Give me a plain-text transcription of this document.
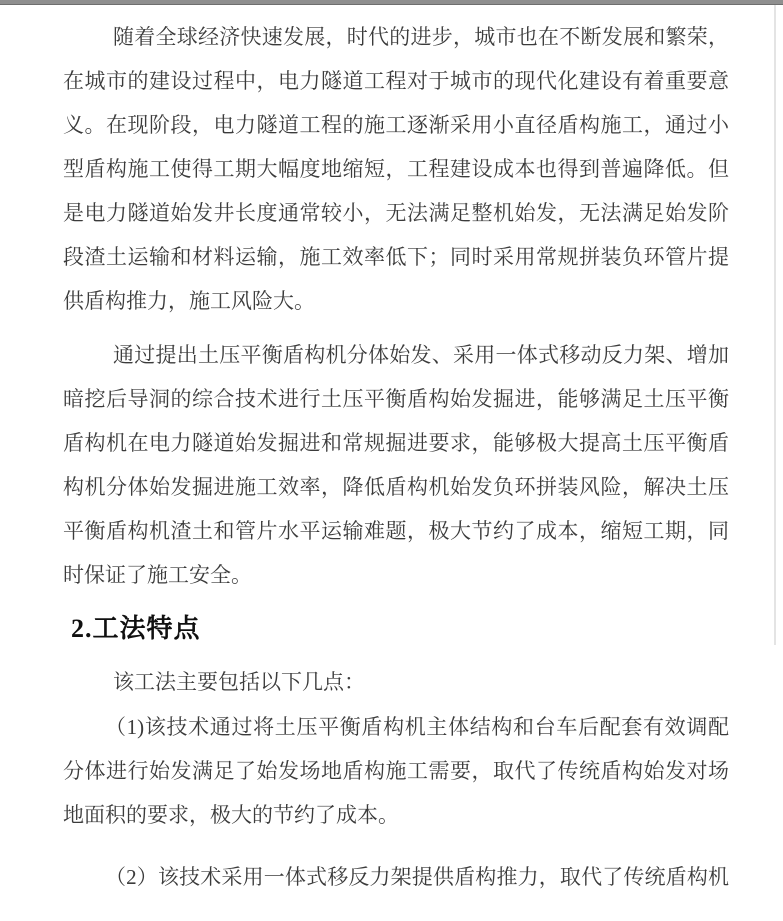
随着全球经济快速发展，时代的进步，城市也在不断发展和繁荣，
在城市的建设过程中，电力隧道工程对于城市的现代化建设有着重要意
义。在现阶段，电力隧道工程的施工逐渐采用小直径盾构施工，通过小
型盾构施工使得工期大幅度地缩短，工程建设成本也得到普遍降低。但
是电力隧道始发井长度通常较小，无法满足整机始发，无法满足始发阶
段渣土运输和材料运输，施工效率低下；同时采用常规拼装负环管片提
供盾构推力，施工风险大。
通过提出土压平衡盾构机分体始发、采用一体式移动反力架、增加
暗挖后导洞的综合技术进行土压平衡盾构始发掘进，能够满足土压平衡
盾构机在电力隧道始发掘进和常规掘进要求，能够极大提高土压平衡盾
构机分体始发掘进施工效率，降低盾构机始发负环拼装风险，解决土压
平衡盾构机渣土和管片水平运输难题，极大节约了成本，缩短工期，同
时保证了施工安全。
2.工法特点
该工法主要包括以下几点：
（1)该技术通过将土压平衡盾构机主体结构和台车后配套有效调配
分体进行始发满足了始发场地盾构施工需要，取代了传统盾构始发对场
地面积的要求，极大的节约了成本。
（2）该技术采用一体式移反力架提供盾构推力，取代了传统盾构机
